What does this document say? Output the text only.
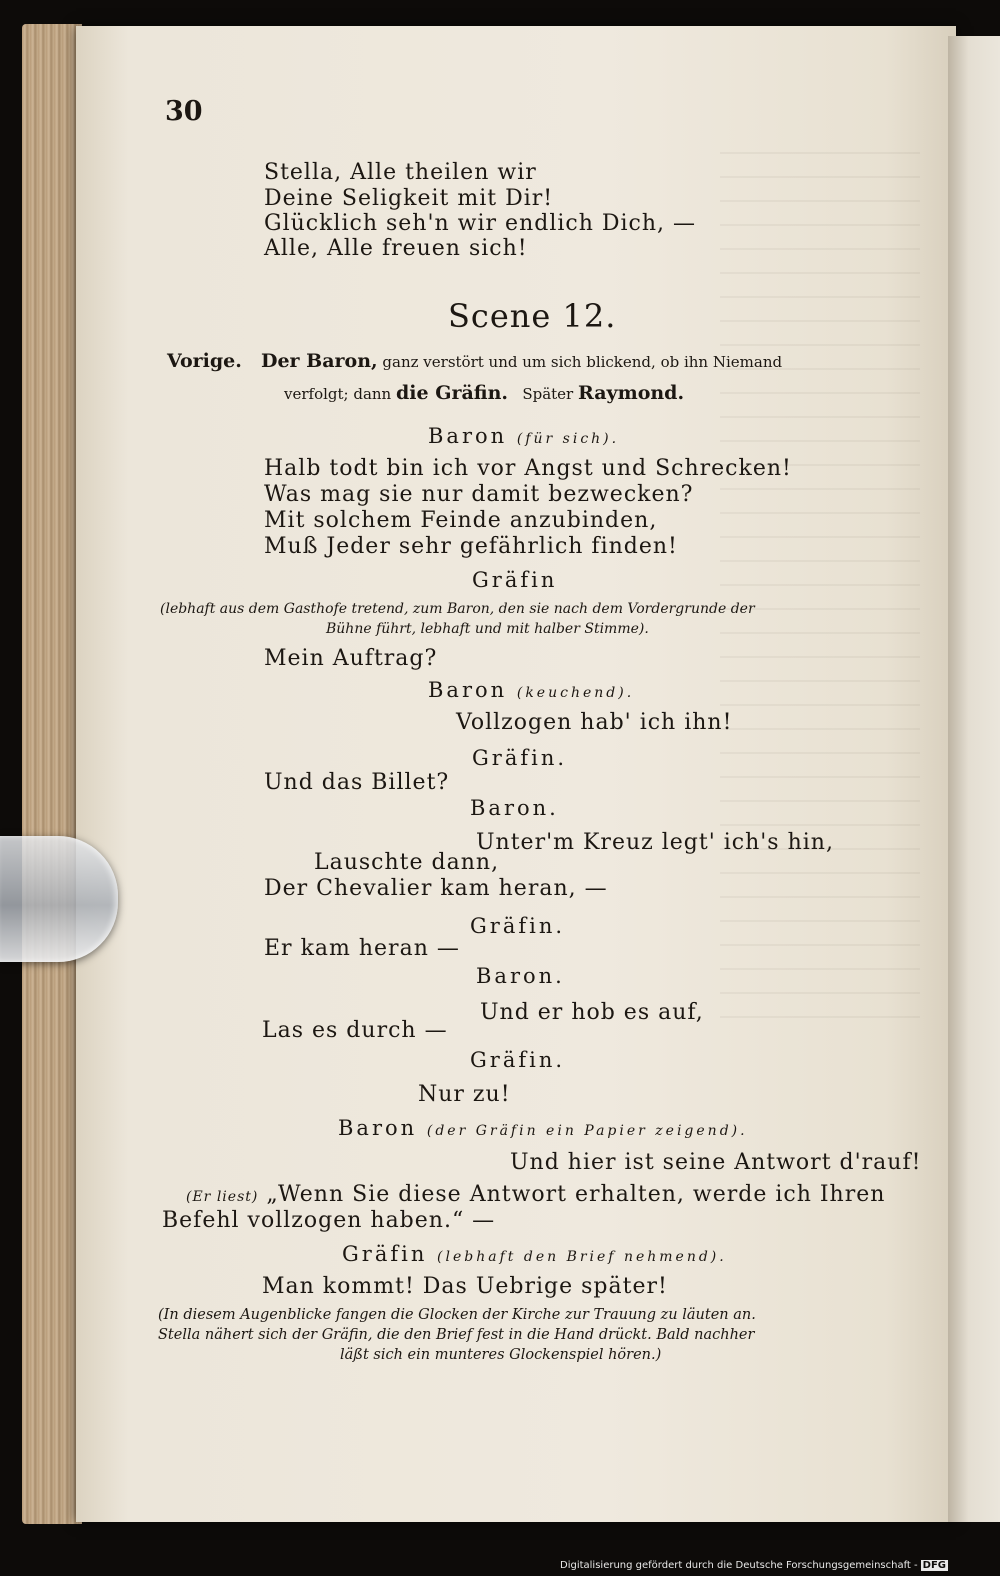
30
Stella, Alle theilen wir
Deine Seligkeit mit Dir!
Glücklich seh'n wir endlich Dich, —
Alle, Alle freuen sich!
Scene 12.
Vorige. Der Baron, ganz verstört und um sich blickend, ob ihn Niemand
verfolgt; dann die Gräfin. Später Raymond.
Baron (für sich).
Halb todt bin ich vor Angst und Schrecken!
Was mag sie nur damit bezwecken?
Mit solchem Feinde anzubinden,
Muß Jeder sehr gefährlich finden!
Gräfin
(lebhaft aus dem Gasthofe tretend, zum Baron, den sie nach dem Vordergrunde der
Bühne führt, lebhaft und mit halber Stimme).
Mein Auftrag?
Baron (keuchend).
Vollzogen hab' ich ihn!
Gräfin.
Und das Billet?
Baron.
Unter'm Kreuz legt' ich's hin,
Lauschte dann,
Der Chevalier kam heran, —
Gräfin.
Er kam heran —
Baron.
Und er hob es auf,
Las es durch —
Gräfin.
Nur zu!
Baron (der Gräfin ein Papier zeigend).
Und hier ist seine Antwort d'rauf!
(Er liest) „Wenn Sie diese Antwort erhalten, werde ich Ihren
Befehl vollzogen haben.“ —
Gräfin (lebhaft den Brief nehmend).
Man kommt! Das Uebrige später!
(In diesem Augenblicke fangen die Glocken der Kirche zur Trauung zu läuten an.
Stella nähert sich der Gräfin, die den Brief fest in die Hand drückt. Bald nachher
läßt sich ein munteres Glockenspiel hören.)
Digitalisierung gefördert durch die Deutsche Forschungsgemeinschaft - DFG
